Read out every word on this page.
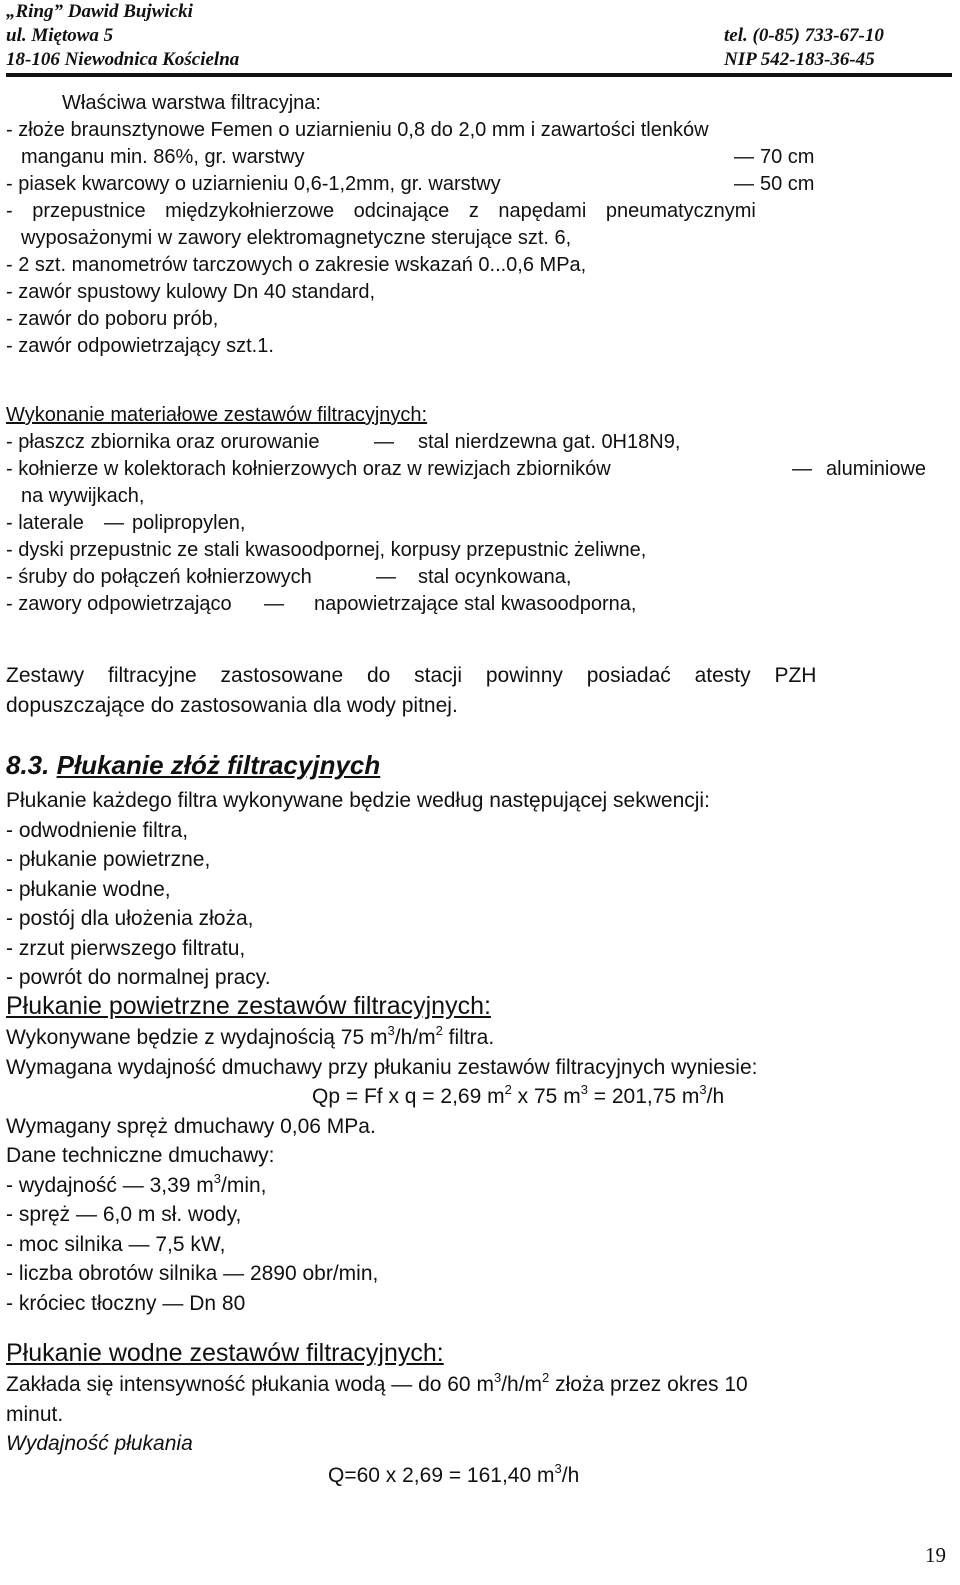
„Ring” Dawid Bujwicki
ul. Miętowa 5	tel. (0-85) 733-67-10
18-106 Niewodnica Kościelna	NIP 542-183-36-45
Właściwa warstwa filtracyjna:
- złoże braunsztynowe Femen o uziarnieniu 0,8 do 2,0 mm i zawartości tlenków
manganu min. 86%, gr. warstwy	— 70 cm
- piasek kwarcowy o uziarnieniu 0,6-1,2mm, gr. warstwy	— 50 cm
- przepustnice międzykołnierzowe odcinające z napędami pneumatycznymi
wyposażonymi w zawory elektromagnetyczne sterujące szt. 6,
- 2 szt. manometrów tarczowych o zakresie wskazań 0...0,6 MPa,
- zawór spustowy kulowy Dn 40 standard,
- zawór do poboru prób,
- zawór odpowietrzający szt.1.
Wykonanie materiałowe zestawów filtracyjnych:
- płaszcz zbiornika oraz orurowanie	— stal nierdzewna gat. 0H18N9,
- kołnierze w kolektorach kołnierzowych oraz w rewizjach zbiorników	— aluminiowe
na wywijkach,
- laterale — polipropylen,
- dyski przepustnic ze stali kwasoodpornej, korpusy przepustnic żeliwne,
- śruby do połączeń kołnierzowych	— stal ocynkowana,
- zawory odpowietrzająco — napowietrzające stal kwasoodporna,
Zestawy filtracyjne zastosowane do stacji powinny posiadać atesty PZH
dopuszczające do zastosowania dla wody pitnej.
8.3. Płukanie złóż filtracyjnych
Płukanie każdego filtra wykonywane będzie według następującej sekwencji:
- odwodnienie filtra,
- płukanie powietrzne,
- płukanie wodne,
- postój dla ułożenia złoża,
- zrzut pierwszego filtratu,
- powrót do normalnej pracy.
Płukanie powietrzne zestawów filtracyjnych:
Wykonywane będzie z wydajnością 75 $m^3/h/m^2$ filtra.
Wymagana wydajność dmuchawy przy płukaniu zestawów filtracyjnych wyniesie:
Qp = Ff x q = 2,69 $m^2$ x 75 $m^3 = 201,75$ $m^3/h$
Wymagany spręż dmuchawy 0,06 MPa.
Dane techniczne dmuchawy:
- wydajność — 3,39 $m^3/\min$,
- spręż — 6,0 m sł. wody,
- moc silnika — 7,5 kW,
- liczba obrotów silnika — 2890 obr/min,
- króciec tłoczny — Dn 80
Płukanie wodne zestawów filtracyjnych:
Zakłada się intensywność płukania wodą — do 60 $m^3/h/m^2$ złoża przez okres 10
minut.
Wydajność płukania
Q=60 x 2,69 = 161,40 $m^3/h$
19
